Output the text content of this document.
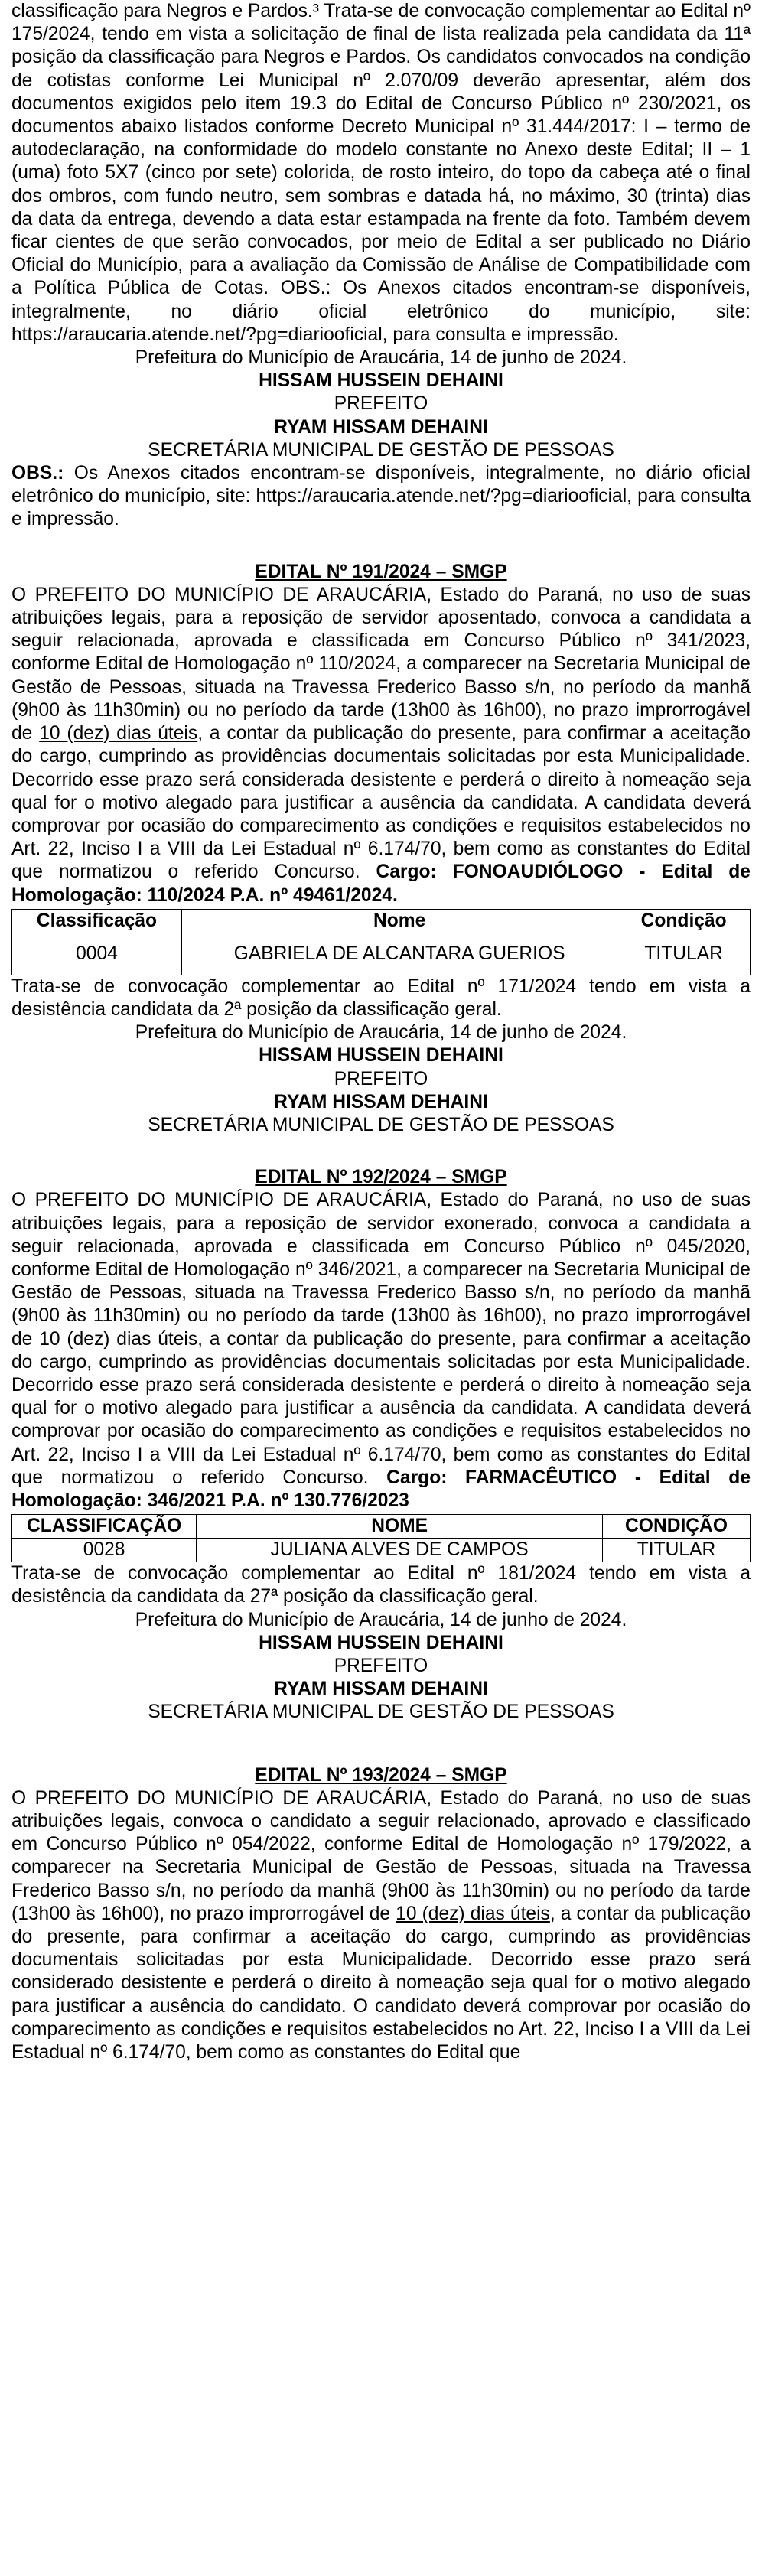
classificação para Negros e Pardos.³ Trata-se de convocação complementar ao Edital nº 175/2024, tendo em vista a solicitação de final de lista realizada pela candidata da 11ª posição da classificação para Negros e Pardos. Os candidatos convocados na condição de cotistas conforme Lei Municipal nº 2.070/09 deverão apresentar, além dos documentos exigidos pelo item 19.3 do Edital de Concurso Público nº 230/2021, os documentos abaixo listados conforme Decreto Municipal nº 31.444/2017: I – termo de autodeclaração, na conformidade do modelo constante no Anexo deste Edital; II – 1 (uma) foto 5X7 (cinco por sete) colorida, de rosto inteiro, do topo da cabeça até o final dos ombros, com fundo neutro, sem sombras e datada há, no máximo, 30 (trinta) dias da data da entrega, devendo a data estar estampada na frente da foto. Também devem ficar cientes de que serão convocados, por meio de Edital a ser publicado no Diário Oficial do Município, para a avaliação da Comissão de Análise de Compatibilidade com a Política Pública de Cotas. OBS.: Os Anexos citados encontram-se disponíveis, integralmente, no diário oficial eletrônico do município, site: https://araucaria.atende.net/?pg=diariooficial, para consulta e impressão.

Prefeitura do Município de Araucária, 14 de junho de 2024.

HISSAM HUSSEIN DEHAINI

PREFEITO

RYAM HISSAM DEHAINI

SECRETÁRIA MUNICIPAL DE GESTÃO DE PESSOAS

OBS.: Os Anexos citados encontram-se disponíveis, integralmente, no diário oficial eletrônico do município, site: https://araucaria.atende.net/?pg=diariooficial, para consulta e impressão.

EDITAL Nº 191/2024 – SMGP

O PREFEITO DO MUNICÍPIO DE ARAUCÁRIA, Estado do Paraná, no uso de suas atribuições legais, para a reposição de servidor aposentado, convoca a candidata a seguir relacionada, aprovada e classificada em Concurso Público nº 341/2023, conforme Edital de Homologação nº 110/2024, a comparecer na Secretaria Municipal de Gestão de Pessoas, situada na Travessa Frederico Basso s/n, no período da manhã (9h00 às 11h30min) ou no período da tarde (13h00 às 16h00), no prazo improrrogável de 10 (dez) dias úteis, a contar da publicação do presente, para confirmar a aceitação do cargo, cumprindo as providências documentais solicitadas por esta Municipalidade. Decorrido esse prazo será considerada desistente e perderá o direito à nomeação seja qual for o motivo alegado para justificar a ausência da candidata. A candidata deverá comprovar por ocasião do comparecimento as condições e requisitos estabelecidos no Art. 22, Inciso I a VIII da Lei Estadual nº 6.174/70, bem como as constantes do Edital que normatizou o referido Concurso. Cargo: FONOAUDIÓLOGO - Edital de Homologação: 110/2024 P.A. nº 49461/2024.

Classificação	Nome	Condição
0004	GABRIELA DE ALCANTARA GUERIOS	TITULAR

Trata-se de convocação complementar ao Edital nº 171/2024 tendo em vista a desistência candidata da 2ª posição da classificação geral.

Prefeitura do Município de Araucária, 14 de junho de 2024.

HISSAM HUSSEIN DEHAINI

PREFEITO

RYAM HISSAM DEHAINI

SECRETÁRIA MUNICIPAL DE GESTÃO DE PESSOAS

EDITAL Nº 192/2024 – SMGP

O PREFEITO DO MUNICÍPIO DE ARAUCÁRIA, Estado do Paraná, no uso de suas atribuições legais, para a reposição de servidor exonerado, convoca a candidata a seguir relacionada, aprovada e classificada em Concurso Público nº 045/2020, conforme Edital de Homologação nº 346/2021, a comparecer na Secretaria Municipal de Gestão de Pessoas, situada na Travessa Frederico Basso s/n, no período da manhã (9h00 às 11h30min) ou no período da tarde (13h00 às 16h00), no prazo improrrogável de 10 (dez) dias úteis, a contar da publicação do presente, para confirmar a aceitação do cargo, cumprindo as providências documentais solicitadas por esta Municipalidade. Decorrido esse prazo será considerada desistente e perderá o direito à nomeação seja qual for o motivo alegado para justificar a ausência da candidata. A candidata deverá comprovar por ocasião do comparecimento as condições e requisitos estabelecidos no Art. 22, Inciso I a VIII da Lei Estadual nº 6.174/70, bem como as constantes do Edital que normatizou o referido Concurso. Cargo: FARMACÊUTICO - Edital de Homologação: 346/2021 P.A. nº 130.776/2023

CLASSIFICAÇÃO	NOME	CONDIÇÃO
0028	JULIANA ALVES DE CAMPOS	TITULAR

Trata-se de convocação complementar ao Edital nº 181/2024 tendo em vista a desistência da candidata da 27ª posição da classificação geral.

Prefeitura do Município de Araucária, 14 de junho de 2024.

HISSAM HUSSEIN DEHAINI

PREFEITO

RYAM HISSAM DEHAINI

SECRETÁRIA MUNICIPAL DE GESTÃO DE PESSOAS

EDITAL Nº 193/2024 – SMGP

O PREFEITO DO MUNICÍPIO DE ARAUCÁRIA, Estado do Paraná, no uso de suas atribuições legais, convoca o candidato a seguir relacionado, aprovado e classificado em Concurso Público nº 054/2022, conforme Edital de Homologação nº 179/2022, a comparecer na Secretaria Municipal de Gestão de Pessoas, situada na Travessa Frederico Basso s/n, no período da manhã (9h00 às 11h30min) ou no período da tarde (13h00 às 16h00), no prazo improrrogável de 10 (dez) dias úteis, a contar da publicação do presente, para confirmar a aceitação do cargo, cumprindo as providências documentais solicitadas por esta Municipalidade. Decorrido esse prazo será considerado desistente e perderá o direito à nomeação seja qual for o motivo alegado para justificar a ausência do candidato. O candidato deverá comprovar por ocasião do comparecimento as condições e requisitos estabelecidos no Art. 22, Inciso I a VIII da Lei Estadual nº 6.174/70, bem como as constantes do Edital que
